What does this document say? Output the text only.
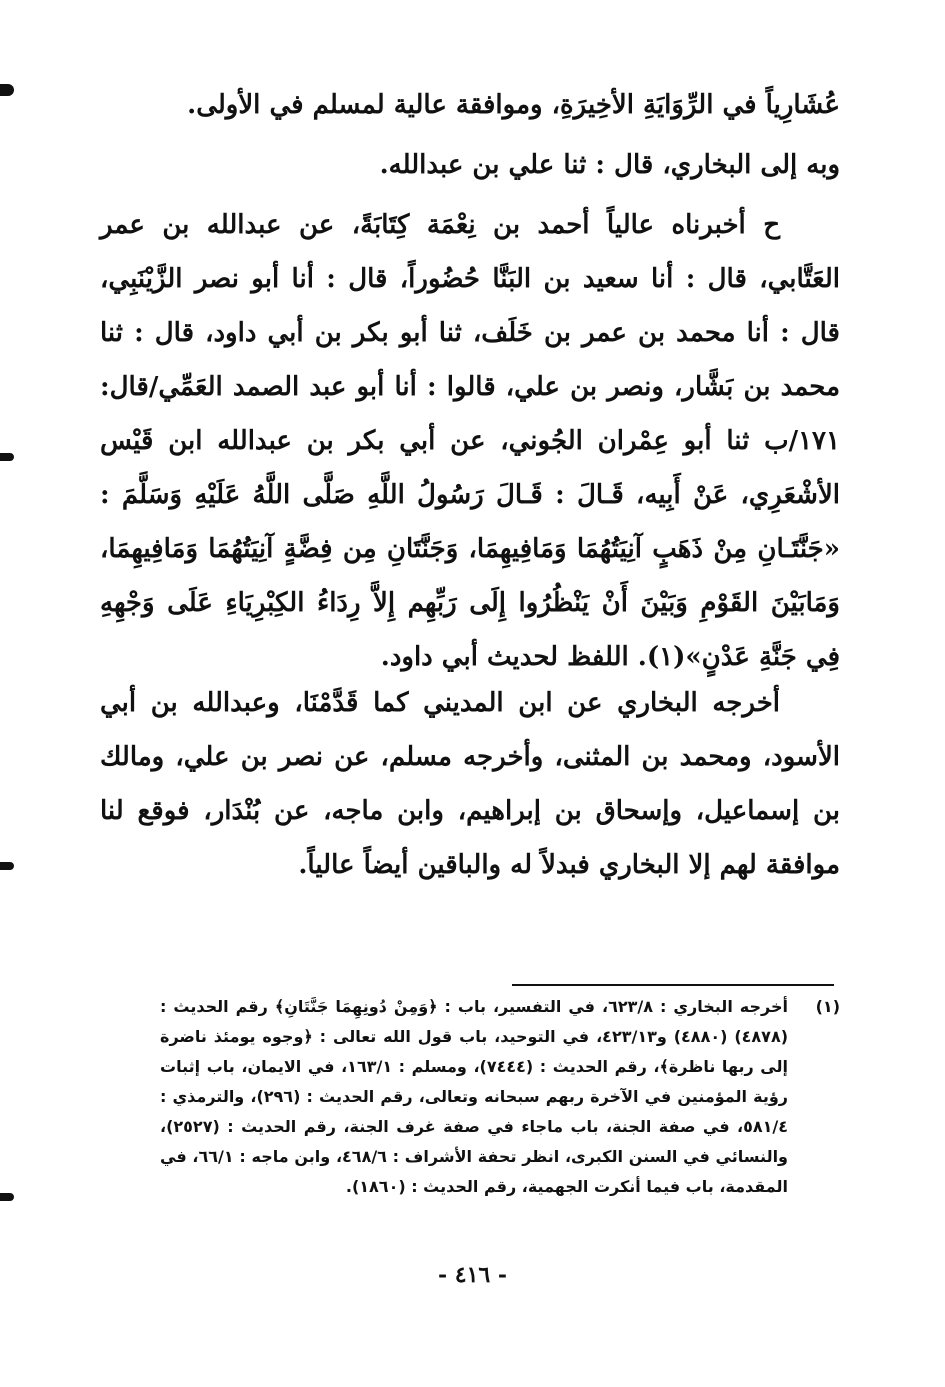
عُشَارِياً في الرِّوَايَةِ الأخِيرَةِ، وموافقة عالية لمسلم في الأولى.
وبه إلى البخاري، قال : ثنا علي بن عبدالله.
ح أخبرناه عالياً أحمد بن نِعْمَة كِتَابَةً، عن عبدالله بن عمر العَتَّابي، قال : أنا سعيد بن البَنَّا حُضُوراً، قال : أنا أبو نصر الزَّيْنَبِي، قال : أنا محمد بن عمر بن خَلَف، ثنا أبو بكر بن أبي داود، قال : ثنا محمد بن بَشَّار، ونصر بن علي، قالوا : أنا أبو عبد الصمد العَمِّي/قال: ١٧١/ب ثنا أبو عِمْران الجُوني، عن أبي بكر بن عبدالله ابن قَيْس الأشْعَرِي، عَنْ أَبِيه، قَـالَ : قَـالَ رَسُولُ اللَّهِ صَلَّى اللَّهُ عَلَيْهِ وَسَلَّمَ : «جَنَّتَـانِ مِنْ ذَهَبٍ آنِيَتُهُمَا وَمَافِيهِمَا، وَجَنَّتَانِ مِن فِضَّةٍ آنِيَتُهُمَا وَمَافِيهِمَا، وَمَابَيْنَ القَوْمِ وَبَيْنَ أَنْ يَنْظُرُوا إِلَى رَبِّهِم إِلاَّ رِدَاءُ الكِبْرِيَاءِ عَلَى وَجْهِهِ فِي جَنَّةِ عَدْنٍ»(١). اللفظ لحديث أبي داود.
أخرجه البخاري عن ابن المديني كما قَدَّمْنَا، وعبدالله بن أبي الأسود، ومحمد بن المثنى، وأخرجه مسلم، عن نصر بن علي، ومالك بن إسماعيل، وإسحاق بن إبراهيم، وابن ماجه، عن بُنْدَار، فوقع لنا موافقة لهم إلا البخاري فبدلاً له والباقين أيضاً عالياً.
(١)
أخرجه البخاري : ٦٢٣/٨، في التفسير، باب : ﴿وَمِنْ دُونِهِمَا جَنَّتَانِ﴾ رقم الحديث : (٤٨٧٨) (٤٨٨٠) و٤٢٣/١٣، في التوحيد، باب قول الله تعالى : ﴿وجوه يومئذ ناضرة إلى ربها ناظرة﴾، رقم الحديث : (٧٤٤٤)، ومسلم : ١٦٣/١، في الايمان، باب إثبات رؤية المؤمنين في الآخرة ربهم سبحانه وتعالى، رقم الحديث : (٢٩٦)، والترمذي : ٥٨١/٤، في صفة الجنة، باب ماجاء في صفة غرف الجنة، رقم الحديث : (٢٥٢٧)، والنسائي في السنن الكبرى، انظر تحفة الأشراف : ٤٦٨/٦، وابن ماجه : ٦٦/١، في المقدمة، باب فيما أنكرت الجهمية، رقم الحديث : (١٨٦٠).
- ٤١٦ -
